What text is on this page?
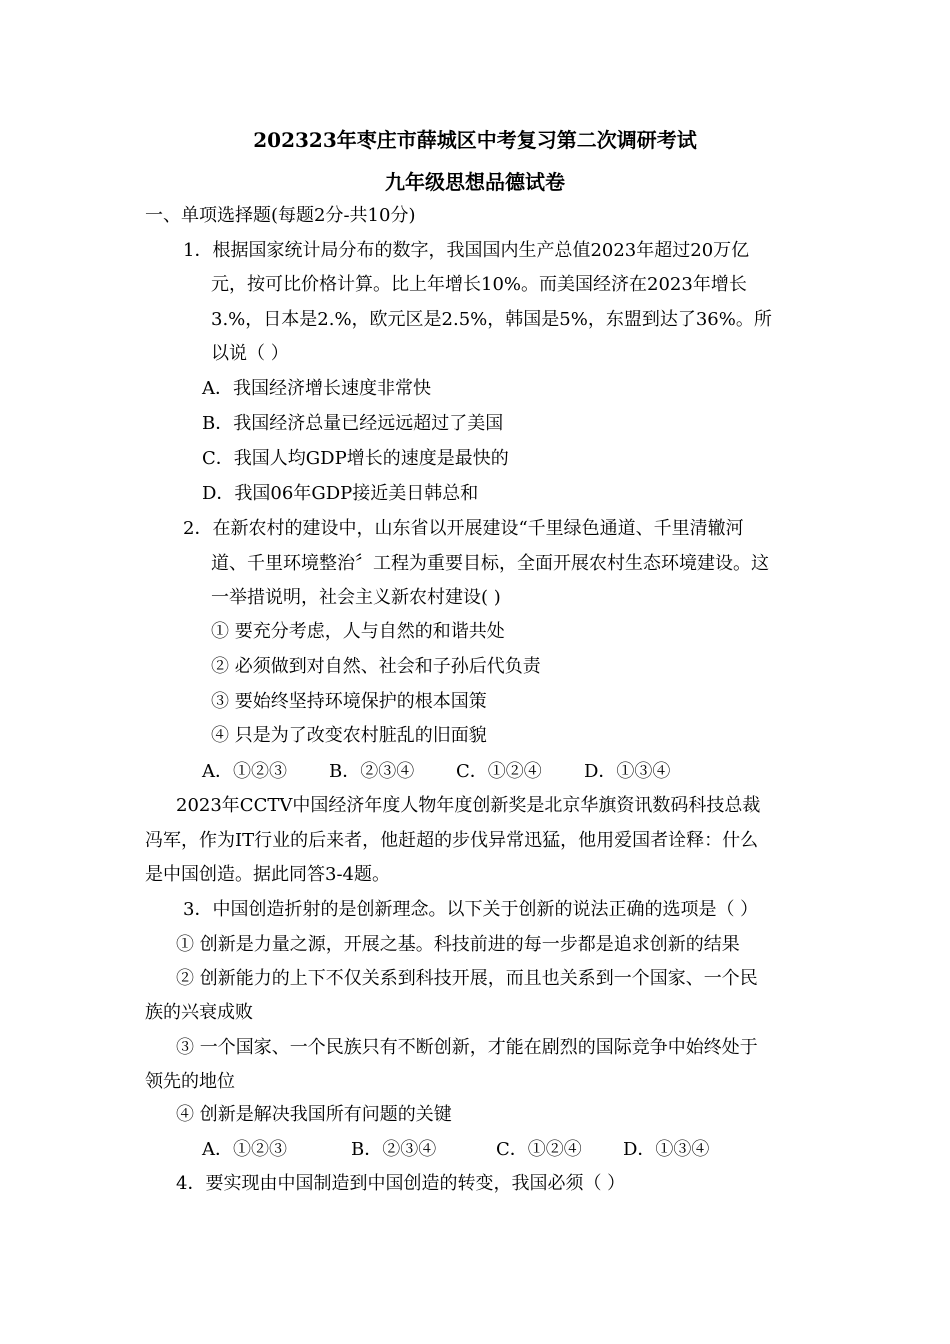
202323年枣庄市薛城区中考复习第二次调研考试
九年级思想品德试卷
一、单项选择题(每题2分-共10分)
1．根据国家统计局分布的数字，我国国内生产总值2023年超过20万亿
元，按可比价格计算。比上年增长10%。而美国经济在2023年增长
3.%，日本是2.%，欧元区是2.5%，韩国是5%，东盟到达了36%。所
以说（ ）
A．我国经济增长速度非常快
B．我国经济总量已经远远超过了美国
C．我国人均GDP增长的速度是最快的
D．我国06年GDP接近美日韩总和
2．在新农村的建设中，山东省以开展建设“千里绿色通道、千里清辙河
道、千里环境整治〞工程为重要目标，全面开展农村生态环境建设。这
一举措说明，社会主义新农村建设( )
① 要充分考虑，人与自然的和谐共处
② 必须做到对自然、社会和子孙后代负责
③ 要始终坚持环境保护的根本国策
④ 只是为了改变农村脏乱的旧面貌
A．①②③ B．②③④ C．①②④ D．①③④
2023年CCTV中国经济年度人物年度创新奖是北京华旗资讯数码科技总裁
冯军，作为IT行业的后来者，他赶超的步伐异常迅猛，他用爱国者诠释：什么
是中国创造。据此同答3-4题。
3．中国创造折射的是创新理念。以下关于创新的说法正确的选项是（ ）
① 创新是力量之源，开展之基。科技前进的每一步都是追求创新的结果
② 创新能力的上下不仅关系到科技开展，而且也关系到一个国家、一个民
族的兴衰成败
③ 一个国家、一个民族只有不断创新，才能在剧烈的国际竞争中始终处于
领先的地位
④ 创新是解决我国所有问题的关键
A．①②③	B．②③④	C．①②④ D．①③④
4．要实现由中国制造到中国创造的转变，我国必须（ ）
